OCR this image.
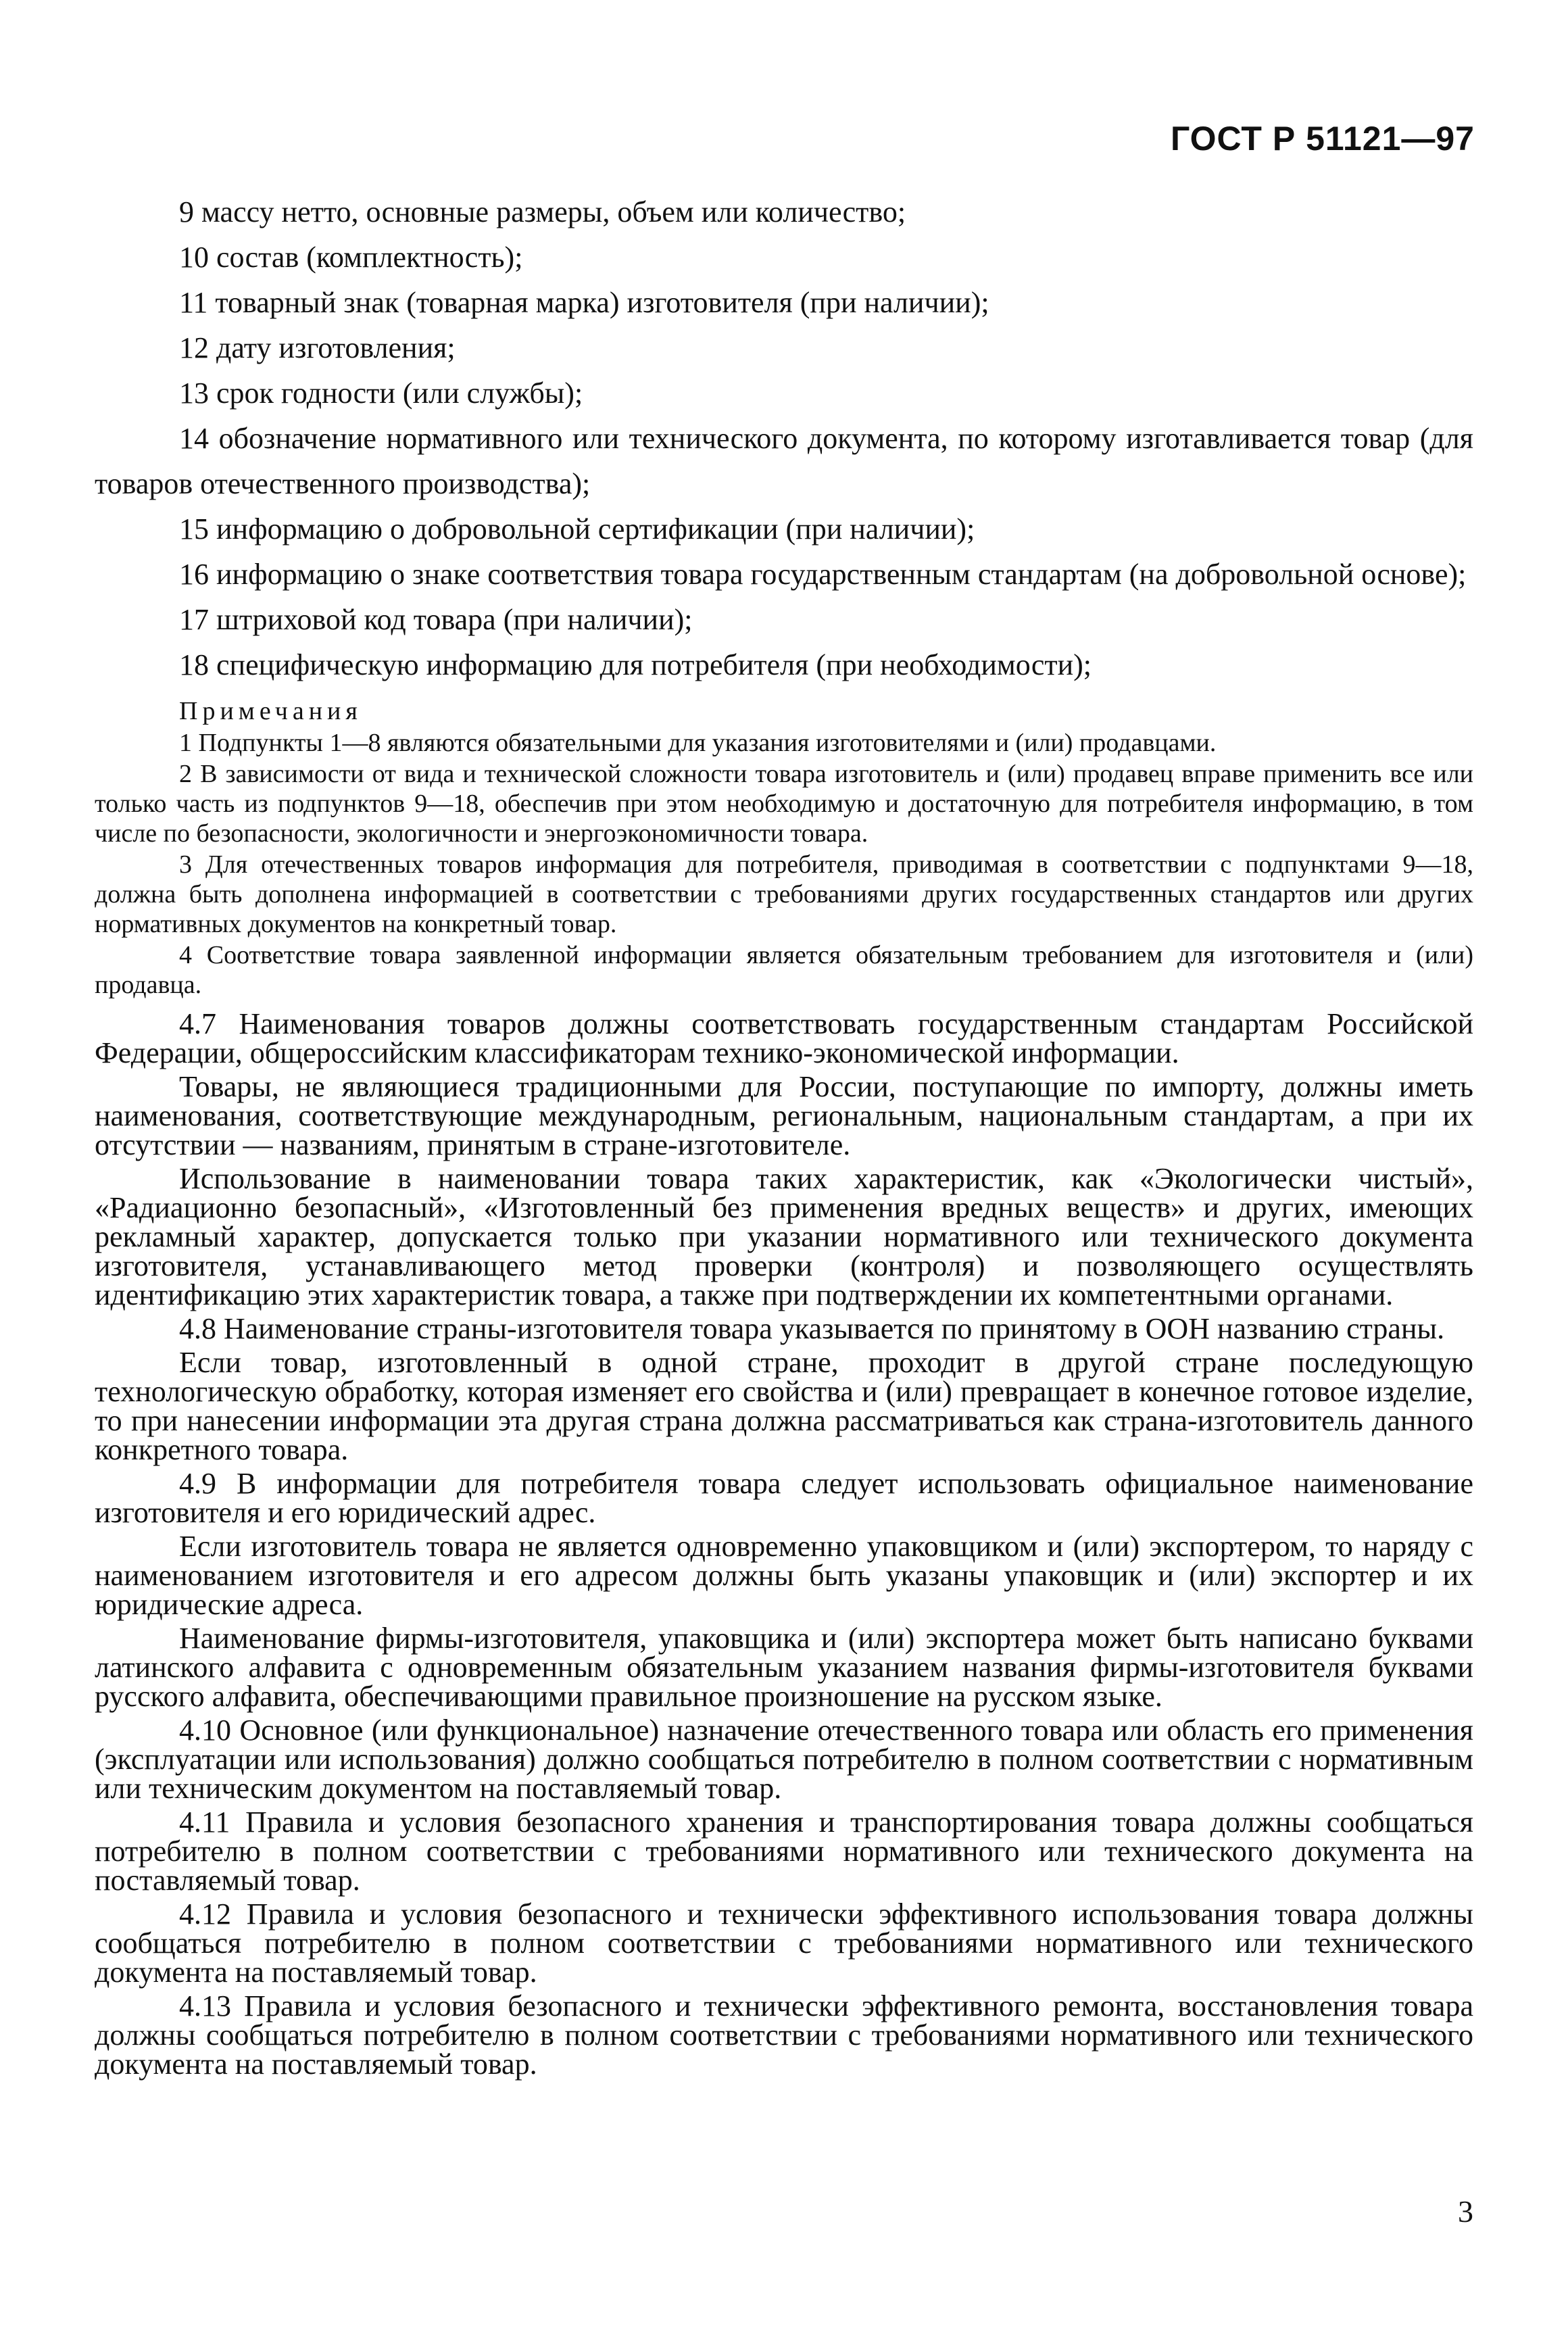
ГОСТ Р 51121—97

9 массу нетто, основные размеры, объем или количество;

10 состав (комплектность);

11 товарный знак (товарная марка) изготовителя (при наличии);

12 дату изготовления;

13 срок годности (или службы);

14 обозначение нормативного или технического документа, по которому изготавливается товар (для товаров отечественного производства);

15 информацию о добровольной сертификации (при наличии);

16 информацию о знаке соответствия товара государственным стандартам (на добровольной основе);

17 штриховой код товара (при наличии);

18 специфическую информацию для потребителя (при необходимости);

Примечания

1 Подпункты 1—8 являются обязательными для указания изготовителями и (или) продавцами.

2 В зависимости от вида и технической сложности товара изготовитель и (или) продавец вправе применить все или только часть из подпунктов 9—18, обеспечив при этом необходимую и достаточную для потребителя информацию, в том числе по безопасности, экологичности и энергоэкономичности товара.

3 Для отечественных товаров информация для потребителя, приводимая в соответствии с подпунктами 9—18, должна быть дополнена информацией в соответствии с требованиями других государственных стандартов или других нормативных документов на конкретный товар.

4 Соответствие товара заявленной информации является обязательным требованием для изготовителя и (или) продавца.

4.7 Наименования товаров должны соответствовать государственным стандартам Российской Федерации, общероссийским классификаторам технико-экономической информации.

Товары, не являющиеся традиционными для России, поступающие по импорту, должны иметь наименования, соответствующие международным, региональным, национальным стандартам, а при их отсутствии — названиям, принятым в стране-изготовителе.

Использование в наименовании товара таких характеристик, как «Экологически чистый», «Радиационно безопасный», «Изготовленный без применения вредных веществ» и других, имеющих рекламный характер, допускается только при указании нормативного или технического документа изготовителя, устанавливающего метод проверки (контроля) и позволяющего осуществлять идентификацию этих характеристик товара, а также при подтверждении их компетентными органами.

4.8 Наименование страны-изготовителя товара указывается по принятому в ООН названию страны.

Если товар, изготовленный в одной стране, проходит в другой стране последующую технологическую обработку, которая изменяет его свойства и (или) превращает в конечное готовое изделие, то при нанесении информации эта другая страна должна рассматриваться как страна-изготовитель данного конкретного товара.

4.9 В информации для потребителя товара следует использовать официальное наименование изготовителя и его юридический адрес.

Если изготовитель товара не является одновременно упаковщиком и (или) экспортером, то наряду с наименованием изготовителя и его адресом должны быть указаны упаковщик и (или) экспортер и их юридические адреса.

Наименование фирмы-изготовителя, упаковщика и (или) экспортера может быть написано буквами латинского алфавита с одновременным обязательным указанием названия фирмы-изготовителя буквами русского алфавита, обеспечивающими правильное произношение на русском языке.

4.10 Основное (или функциональное) назначение отечественного товара или область его применения (эксплуатации или использования) должно сообщаться потребителю в полном соответствии с нормативным или техническим документом на поставляемый товар.

4.11 Правила и условия безопасного хранения и транспортирования товара должны сообщаться потребителю в полном соответствии с требованиями нормативного или технического документа на поставляемый товар.

4.12 Правила и условия безопасного и технически эффективного использования товара должны сообщаться потребителю в полном соответствии с требованиями нормативного или технического документа на поставляемый товар.

4.13 Правила и условия безопасного и технически эффективного ремонта, восстановления товара должны сообщаться потребителю в полном соответствии с требованиями нормативного или технического документа на поставляемый товар.

3
